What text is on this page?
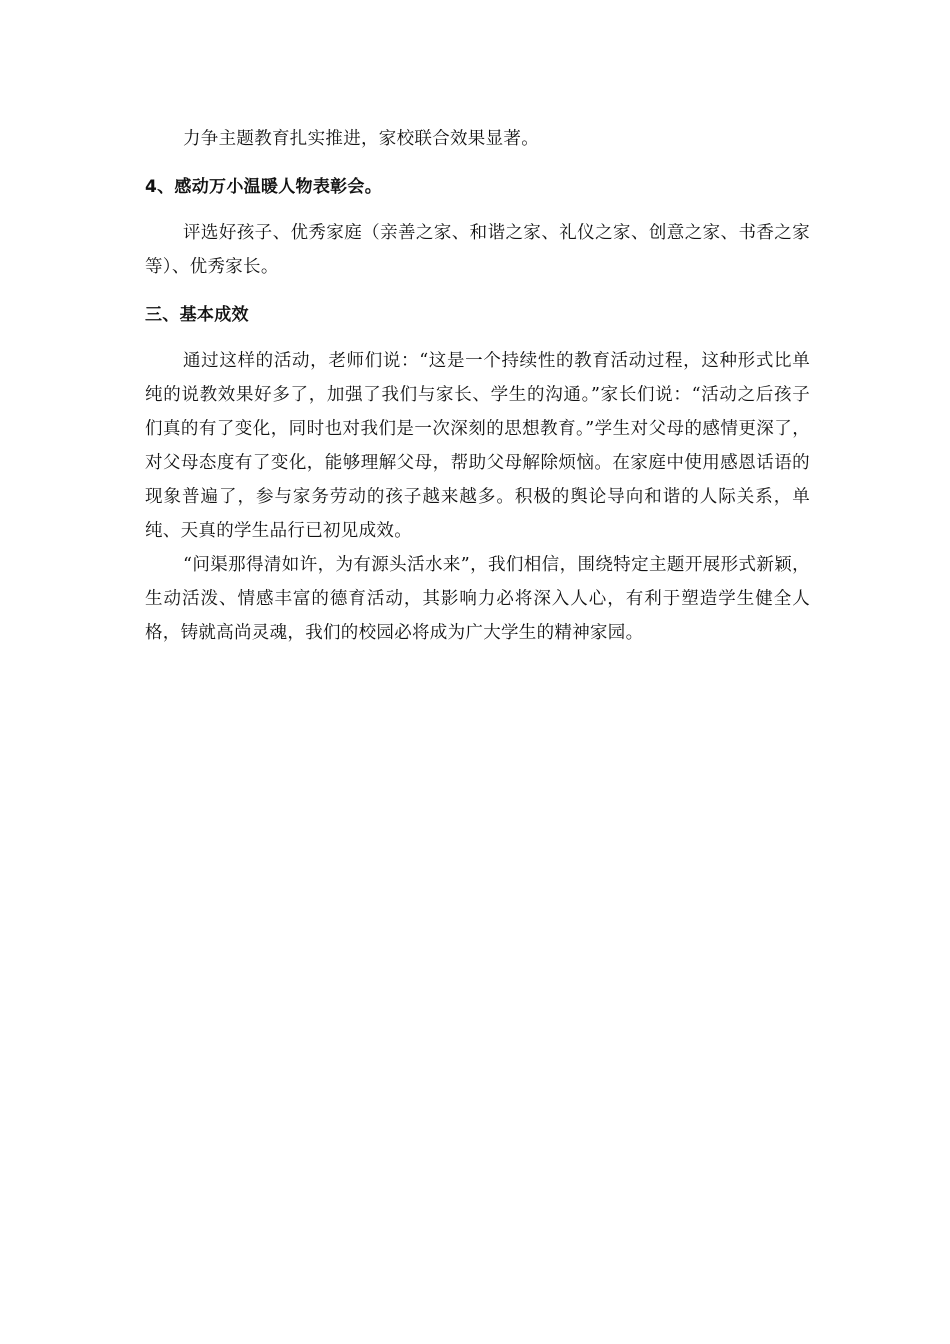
力争主题教育扎实推进，家校联合效果显著。

4、感动万小温暖人物表彰会。

评选好孩子、优秀家庭（亲善之家、和谐之家、礼仪之家、创意之家、书香之家等）、优秀家长。

三、基本成效

通过这样的活动，老师们说：“这是一个持续性的教育活动过程，这种形式比单纯的说教效果好多了，加强了我们与家长、学生的沟通。”家长们说：“活动之后孩子们真的有了变化，同时也对我们是一次深刻的思想教育。”学生对父母的感情更深了，对父母态度有了变化，能够理解父母，帮助父母解除烦恼。在家庭中使用感恩话语的现象普遍了，参与家务劳动的孩子越来越多。积极的舆论导向和谐的人际关系，单纯、天真的学生品行已初见成效。

“问渠那得清如许，为有源头活水来”，我们相信，围绕特定主题开展形式新颖，生动活泼、情感丰富的德育活动，其影响力必将深入人心，有利于塑造学生健全人格，铸就高尚灵魂，我们的校园必将成为广大学生的精神家园。
